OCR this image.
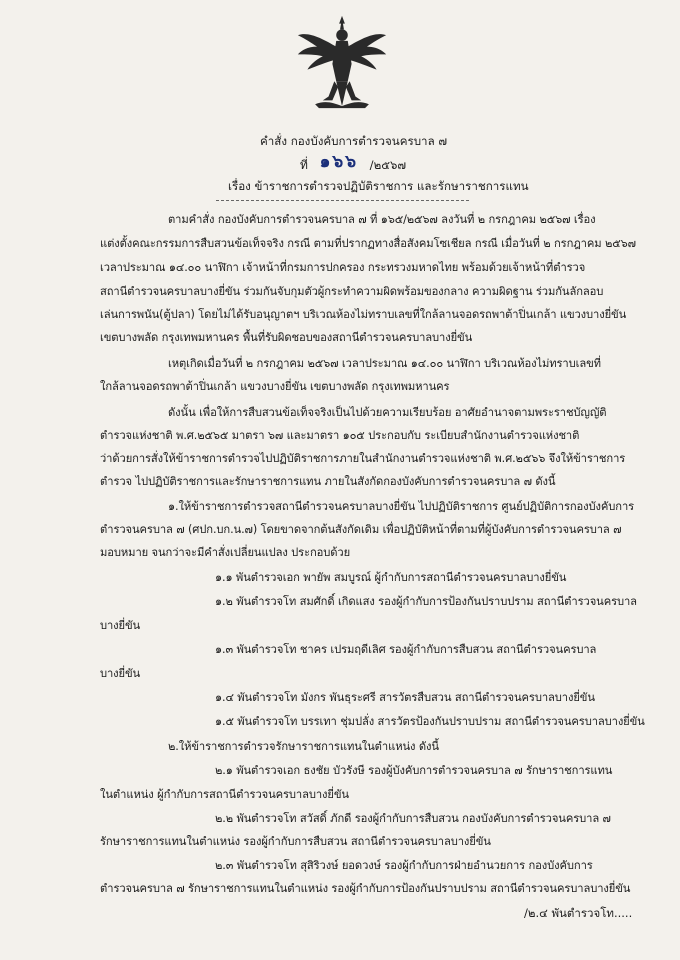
คำสั่ง กองบังคับการตำรวจนครบาล ๗
ที่ ๑๖๖ /๒๕๖๗
เรื่อง ข้าราชการตำรวจปฏิบัติราชการ และรักษาราชการแทน
ตามคำสั่ง กองบังคับการตำรวจนครบาล ๗ ที่ ๑๖๕/๒๕๖๗ ลงวันที่ ๒ กรกฎาคม ๒๕๖๗ เรื่อง
แต่งตั้งคณะกรรมการสืบสวนข้อเท็จจริง กรณี ตามที่ปรากฏทางสื่อสังคมโซเชียล กรณี เมื่อวันที่ ๒ กรกฎาคม ๒๕๖๗
เวลาประมาณ ๑๔.๐๐ นาฬิกา เจ้าหน้าที่กรมการปกครอง กระทรวงมหาดไทย พร้อมด้วยเจ้าหน้าที่ตำรวจ
สถานีตำรวจนครบาลบางยี่ขัน ร่วมกันจับกุมตัวผู้กระทำความผิดพร้อมของกลาง ความผิดฐาน ร่วมกันลักลอบ
เล่นการพนัน(ตู้ปลา) โดยไม่ได้รับอนุญาตฯ บริเวณห้องไม่ทราบเลขที่ใกล้ลานจอดรถพาต้าปิ่นเกล้า แขวงบางยี่ขัน
เขตบางพลัด กรุงเทพมหานคร พื้นที่รับผิดชอบของสถานีตำรวจนครบาลบางยี่ขัน
เหตุเกิดเมื่อวันที่ ๒ กรกฎาคม ๒๕๖๗ เวลาประมาณ ๑๔.๐๐ นาฬิกา บริเวณห้องไม่ทราบเลขที่
ใกล้ลานจอดรถพาต้าปิ่นเกล้า แขวงบางยี่ขัน เขตบางพลัด กรุงเทพมหานคร
ดังนั้น เพื่อให้การสืบสวนข้อเท็จจริงเป็นไปด้วยความเรียบร้อย อาศัยอำนาจตามพระราชบัญญัติ
ตำรวจแห่งชาติ พ.ศ.๒๕๖๕ มาตรา ๖๗ และมาตรา ๑๐๕ ประกอบกับ ระเบียบสำนักงานตำรวจแห่งชาติ
ว่าด้วยการสั่งให้ข้าราชการตำรวจไปปฏิบัติราชการภายในสำนักงานตำรวจแห่งชาติ พ.ศ.๒๕๖๖ จึงให้ข้าราชการ
ตำรวจ ไปปฏิบัติราชการและรักษาราชการแทน ภายในสังกัดกองบังคับการตำรวจนครบาล ๗ ดังนี้
๑.ให้ข้าราชการตำรวจสถานีตำรวจนครบาลบางยี่ขัน ไปปฏิบัติราชการ ศูนย์ปฏิบัติการกองบังคับการ
ตำรวจนครบาล ๗ (ศปก.บก.น.๗) โดยขาดจากต้นสังกัดเดิม เพื่อปฏิบัติหน้าที่ตามที่ผู้บังคับการตำรวจนครบาล ๗
มอบหมาย จนกว่าจะมีคำสั่งเปลี่ยนแปลง ประกอบด้วย
๑.๑ พันตำรวจเอก พายัพ สมบูรณ์ ผู้กำกับการสถานีตำรวจนครบาลบางยี่ขัน
๑.๒ พันตำรวจโท สมศักดิ์ เกิดแสง รองผู้กำกับการป้องกันปราบปราม สถานีตำรวจนครบาล
บางยี่ขัน
๑.๓ พันตำรวจโท ชาคร เปรมฤดีเลิศ รองผู้กำกับการสืบสวน สถานีตำรวจนครบาล
บางยี่ขัน
๑.๔ พันตำรวจโท มังกร พันธุระศรี สารวัตรสืบสวน สถานีตำรวจนครบาลบางยี่ขัน
๑.๕ พันตำรวจโท บรรเทา ชุ่มปลั่ง สารวัตรป้องกันปราบปราม สถานีตำรวจนครบาลบางยี่ขัน
๒.ให้ข้าราชการตำรวจรักษาราชการแทนในตำแหน่ง ดังนี้
๒.๑ พันตำรวจเอก ธงชัย บัวรังษี รองผู้บังคับการตำรวจนครบาล ๗ รักษาราชการแทน
ในตำแหน่ง ผู้กำกับการสถานีตำรวจนครบาลบางยี่ขัน
๒.๒ พันตำรวจโท สวัสดิ์ ภักดี รองผู้กำกับการสืบสวน กองบังคับการตำรวจนครบาล ๗
รักษาราชการแทนในตำแหน่ง รองผู้กำกับการสืบสวน สถานีตำรวจนครบาลบางยี่ขัน
๒.๓ พันตำรวจโท สุสิริวงษ์ ยอดวงษ์ รองผู้กำกับการฝ่ายอำนวยการ กองบังคับการ
ตำรวจนครบาล ๗ รักษาราชการแทนในตำแหน่ง รองผู้กำกับการป้องกันปราบปราม สถานีตำรวจนครบาลบางยี่ขัน
/๒.๔ พันตำรวจโท.....
